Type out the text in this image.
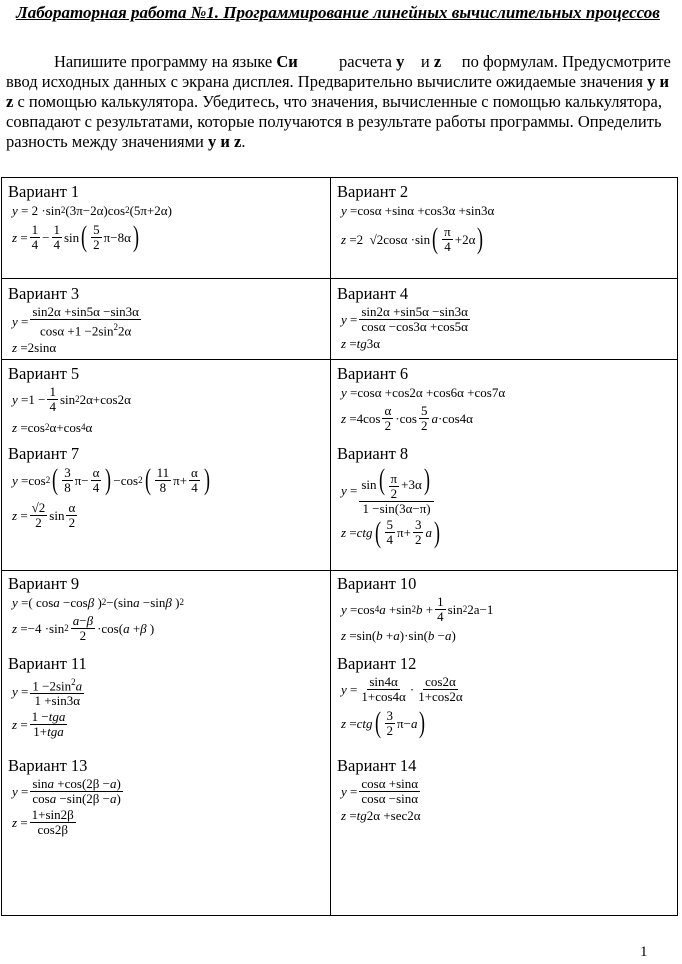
Лабораторная работа №1. Программирование линейных вычислительных процессов
Напишите программу на языке Си	расчета y и z по формулам. Предусмотрите ввод исходных данных с экрана дисплея. Предварительно вычислите ожидаемые значения y и z с помощью калькулятора. Убедитесь, что значения, вычисленные с помощью калькулятора, совпадают с результатами, которые получаются в результате работы программы. Определить разность между значениями y и z.
Вариант 1
y = 2 ·sin 2 (3π−2α)cos 2 (5π+2α)
$z = \frac{1}{4} - \frac{1}{4}$ sin ( $\frac{5}{2} \pi-8\alpha$ )
Вариант 2
y =cosα +sinα +cos3α +sin3α
z =2  √2cosα ·sin ( $\frac{\pi}{4} +2\alpha$ )
Вариант 3
$y = \frac{\sin 2\alpha +\sin 5\alpha -\sin 3\alpha}{\cos\alpha +1 -2\sin^22\alpha}$
z =2sinα
Вариант 4
$y = \frac{\sin 2\alpha +\sin 5\alpha -\sin 3\alpha}{\cos\alpha -\cos 3\alpha +\cos 5\alpha}$
z = tg 3α
Вариант 5
$y =1 - \frac{1}{4}$ sin 2 2α+cos2α
z =cos 2 α+cos 4 α
Вариант 7
y =cos 2 ( $\frac{3}{8} \pi- \frac{\alpha}{4}$ ) −cos 2 ( $\frac{11}{8} \pi+ \frac{\alpha}{4}$ )
$z = \frac{√2}{2}$ $\sin \frac{\alpha}{2}$
Вариант 6
y =cosα +cos2α +cos6α +cos7α
$z =4\cos \frac{\alpha}{2} \cdot\cos \frac{5}{2}$ a ·cos4α
Вариант 8
$y = \frac{\sin( \frac{\pi}{2} +3\alpha)}{1 -\sin(3\alpha-\pi)}$
z = ctg ( $\frac{5}{4} \pi+ \frac{3}{2}$ a )
Вариант 9
y =( cos a −cos β ) 2 −(sin a −sin β ) 2
z =−4 ·sin $2 \frac{a-\beta}{2} \cdot\cos$( a + β )
Вариант 10
y =cos 4 a +sin 2 $b + \frac{1}{4}$ sin 2 2a−1
z =sin( b + a )·sin( b − a )
Вариант 11
$y = \frac{1 -2\sin^2a}{1 +\sin 3\alpha}$
$z = \frac{\text{1 −tga}}{\text{1+tga}}$
Вариант 12
$y = \frac{\sin 4\alpha}{1+\cos 4\alpha} \cdot \frac{\cos 2\alpha}{1+\cos 2\alpha}$
z = ctg ( $\frac{3}{2} \pi- a$ )
Вариант 13
$y = \frac{\sin a +\cos(2\beta -a)}{\cos a -\sin(2\beta -a)}$
$z = \frac{1+\sin 2\beta}{\cos 2\beta}$
Вариант 14
$y = \frac{\cos\alpha +\sin\alpha}{\cos\alpha -\sin\alpha}$
z = tg 2α +sec2α
1
